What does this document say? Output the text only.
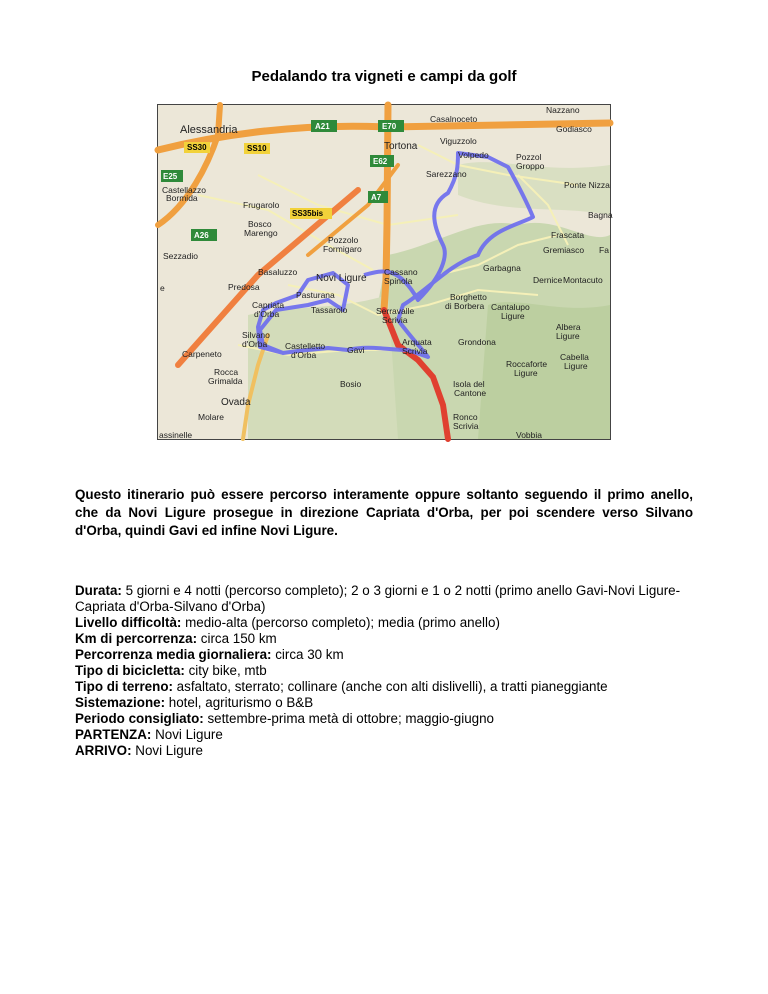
Pedalando tra vigneti e campi da golf
A21	E70
SS30	SS10
E62
E25
A7
SS35bis
A26
Alessandria
Casalnoceto
Nazzano
Godiasco
Viguzzolo
Tortona
Volpedo	Pozzol
Groppo
Sarezzano
Castellazzo
Bormida
Frugarolo
Ponte Nizza
Bagna
Bosco
Marengo	Frascata
Gremiasco Fa
Pozzolo
Formigaro
Sezzadio
Garbagna
Basaluzzo
Novi Ligure
Cassano
Spinola	Dernice Montacuto
e	Predosa
Pasturana	Borghetto
di Borbera Cantalupo
Ligure
Capriata
d'Orba	Tassarolo	Serravalle
Scrivia
Albera
Ligure
Silvano
d'Orba Castelletto
d'Orba	Gavi
Arquata
Scrivia
Grondona
Carpeneto	Cabella
Ligure
Roccaforte
Ligure
Rocca
Grimalda	Bosio	Isola del
Cantone
Ovada
Molare	Ronco
Scrivia
assinelle	Vobbia
Questo itinerario può essere percorso interamente oppure soltanto seguendo il primo anello, che da Novi Ligure prosegue in direzione Capriata d'Orba, per poi scendere verso Silvano d'Orba, quindi Gavi ed infine Novi Ligure.
Durata: 5 giorni e 4 notti (percorso completo); 2 o 3 giorni e 1 o 2 notti (primo anello Gavi-Novi Ligure-Capriata d'Orba-Silvano d'Orba)
Livello difficoltà: medio-alta (percorso completo); media (primo anello)
Km di percorrenza: circa 150 km
Percorrenza media giornaliera: circa 30 km
Tipo di bicicletta: city bike, mtb
Tipo di terreno: asfaltato, sterrato; collinare (anche con alti dislivelli), a tratti pianeggiante
Sistemazione: hotel, agriturismo o B&B
Periodo consigliato: settembre-prima metà di ottobre; maggio-giugno
PARTENZA: Novi Ligure
ARRIVO: Novi Ligure
